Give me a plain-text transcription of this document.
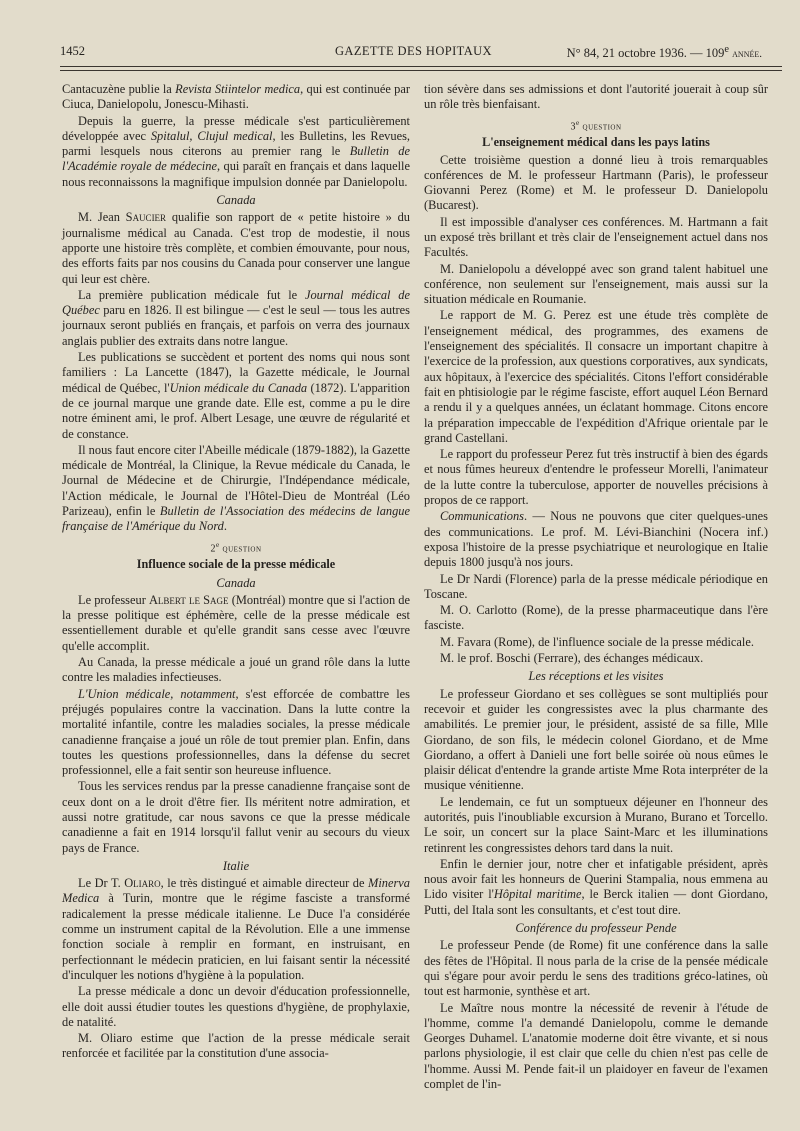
1452	GAZETTE DES HOPITAUX	N° 84, 21 octobre 1936. — 109e année.

Cantacuzène publie la Revista Stiintelor medica, qui est continuée par Ciuca, Danielopolu, Jonescu-Mihasti.

Depuis la guerre, la presse médicale s'est particulièrement développée avec Spitalul, Clujul medical, les Bulletins, les Revues, parmi lesquels nous citerons au premier rang le Bulletin de l'Académie royale de médecine, qui paraît en français et dans laquelle nous reconnaissons la magnifique impulsion donnée par Danielopolu.

Canada

M. Jean Saucier qualifie son rapport de « petite histoire » du journalisme médical au Canada. C'est trop de modestie, il nous apporte une histoire très complète, et combien émouvante, pour nous, des efforts faits par nos cousins du Canada pour conserver une langue qui leur est chère.

La première publication médicale fut le Journal médical de Québec paru en 1826. Il est bilingue — c'est le seul — tous les autres journaux seront publiés en français, et parfois on verra des journaux anglais publier des extraits dans notre langue.

Les publications se succèdent et portent des noms qui nous sont familiers : La Lancette (1847), la Gazette médicale, le Journal médical de Québec, l'Union médicale du Canada (1872). L'apparition de ce journal marque une grande date. Elle est, comme a pu le dire notre éminent ami, le prof. Albert Lesage, une œuvre de régularité et de constance.

Il nous faut encore citer l'Abeille médicale (1879-1882), la Gazette médicale de Montréal, la Clinique, la Revue médicale du Canada, le Journal de Médecine et de Chirurgie, l'Indépendance médicale, l'Action médicale, le Journal de l'Hôtel-Dieu de Montréal (Léo Parizeau), enfin le Bulletin de l'Association des médecins de langue française de l'Amérique du Nord.

2e question
Influence sociale de la presse médicale
Canada

Le professeur Albert le Sage (Montréal) montre que si l'action de la presse politique est éphémère, celle de la presse médicale est essentiellement durable et qu'elle grandit sans cesse avec l'œuvre qu'elle accomplit.

Au Canada, la presse médicale a joué un grand rôle dans la lutte contre les maladies infectieuses.

L'Union médicale, notamment, s'est efforcée de combattre les préjugés populaires contre la vaccination. Dans la lutte contre la mortalité infantile, contre les maladies sociales, la presse médicale canadienne française a joué un rôle de tout premier plan. Enfin, dans toutes les questions professionnelles, dans la défense du secret professionnel, elle a fait sentir son heureuse influence.

Tous les services rendus par la presse canadienne française sont de ceux dont on a le droit d'être fier. Ils méritent notre admiration, et aussi notre gratitude, car nous savons ce que la presse médicale canadienne a fait en 1914 lorsqu'il fallut venir au secours du vieux pays de France.

Italie

Le Dr T. Oliaro, le très distingué et aimable directeur de Minerva Medica à Turin, montre que le régime fasciste a transformé radicalement la presse médicale italienne. Le Duce l'a considérée comme un instrument capital de la Révolution. Elle a une immense fonction sociale à remplir en formant, en instruisant, en perfectionnant le médecin praticien, en lui faisant sentir la nécessité d'inculquer les notions d'hygiène à la population.

La presse médicale a donc un devoir d'éducation professionnelle, elle doit aussi étudier toutes les questions d'hygiène, de prophylaxie, de natalité.

M. Oliaro estime que l'action de la presse médicale serait renforcée et facilitée par la constitution d'une associa-

tion sévère dans ses admissions et dont l'autorité jouerait à coup sûr un rôle très bienfaisant.

3e question
L'enseignement médical dans les pays latins

Cette troisième question a donné lieu à trois remarquables conférences de M. le professeur Hartmann (Paris), le professeur Giovanni Perez (Rome) et M. le professeur D. Danielopolu (Bucarest).

Il est impossible d'analyser ces conférences. M. Hartmann a fait un exposé très brillant et très clair de l'enseignement actuel dans nos Facultés.

M. Danielopolu a développé avec son grand talent habituel une conférence, non seulement sur l'enseignement, mais aussi sur la situation médicale en Roumanie.

Le rapport de M. G. Perez est une étude très complète de l'enseignement médical, des programmes, des examens de l'enseignement des spécialités. Il consacre un important chapitre à l'exercice de la profession, aux questions corporatives, aux syndicats, aux hôpitaux, à l'exercice des spécialités. Citons l'effort considérable fait en phtisiologie par le régime fasciste, effort auquel Léon Bernard a rendu il y a quelques années, un éclatant hommage. Citons encore la préparation impeccable de l'expédition d'Afrique orientale par le grand Castellani.

Le rapport du professeur Perez fut très instructif à bien des égards et nous fûmes heureux d'entendre le professeur Morelli, l'animateur de la lutte contre la tuberculose, apporter de nouvelles précisions à propos de ce rapport.

Communications. — Nous ne pouvons que citer quelques-unes des communications. Le prof. M. Lévi-Bianchini (Nocera inf.) exposa l'histoire de la presse psychiatrique et neurologique en Italie depuis 1800 jusqu'à nos jours.

Le Dr Nardi (Florence) parla de la presse médicale périodique en Toscane.

M. O. Carlotto (Rome), de la presse pharmaceutique dans l'ère fasciste.

M. Favara (Rome), de l'influence sociale de la presse médicale.

M. le prof. Boschi (Ferrare), des échanges médicaux.

Les réceptions et les visites

Le professeur Giordano et ses collègues se sont multipliés pour recevoir et guider les congressistes avec la plus charmante des amabilités. Le premier jour, le président, assisté de sa fille, Mlle Giordano, de son fils, le médecin colonel Giordano, et de Mme Giordano, a offert à Danieli une fort belle soirée où nous eûmes le plaisir délicat d'entendre la grande artiste Mme Rota interpréter de la musique vénitienne.

Le lendemain, ce fut un somptueux déjeuner en l'honneur des autorités, puis l'inoubliable excursion à Murano, Burano et Torcello. Le soir, un concert sur la place Saint-Marc et les illuminations retinrent les congressistes dehors tard dans la nuit.

Enfin le dernier jour, notre cher et infatigable président, après nous avoir fait les honneurs de Querini Stampalia, nous emmena au Lido visiter l'Hôpital maritime, le Berck italien — dont Giordano, Putti, del Itala sont les consultants, et c'est tout dire.

Conférence du professeur Pende

Le professeur Pende (de Rome) fit une conférence dans la salle des fêtes de l'Hôpital. Il nous parla de la crise de la pensée médicale qui s'égare pour avoir perdu le sens des traditions gréco-latines, où tout est harmonie, synthèse et art.

Le Maître nous montre la nécessité de revenir à l'étude de l'homme, comme l'a demandé Danielopolu, comme le demande Georges Duhamel. L'anatomie moderne doit être vivante, et si nous parlons physiologie, il est clair que celle du chien n'est pas celle de l'homme. Aussi M. Pende fait-il un plaidoyer en faveur de l'examen complet de l'in-
